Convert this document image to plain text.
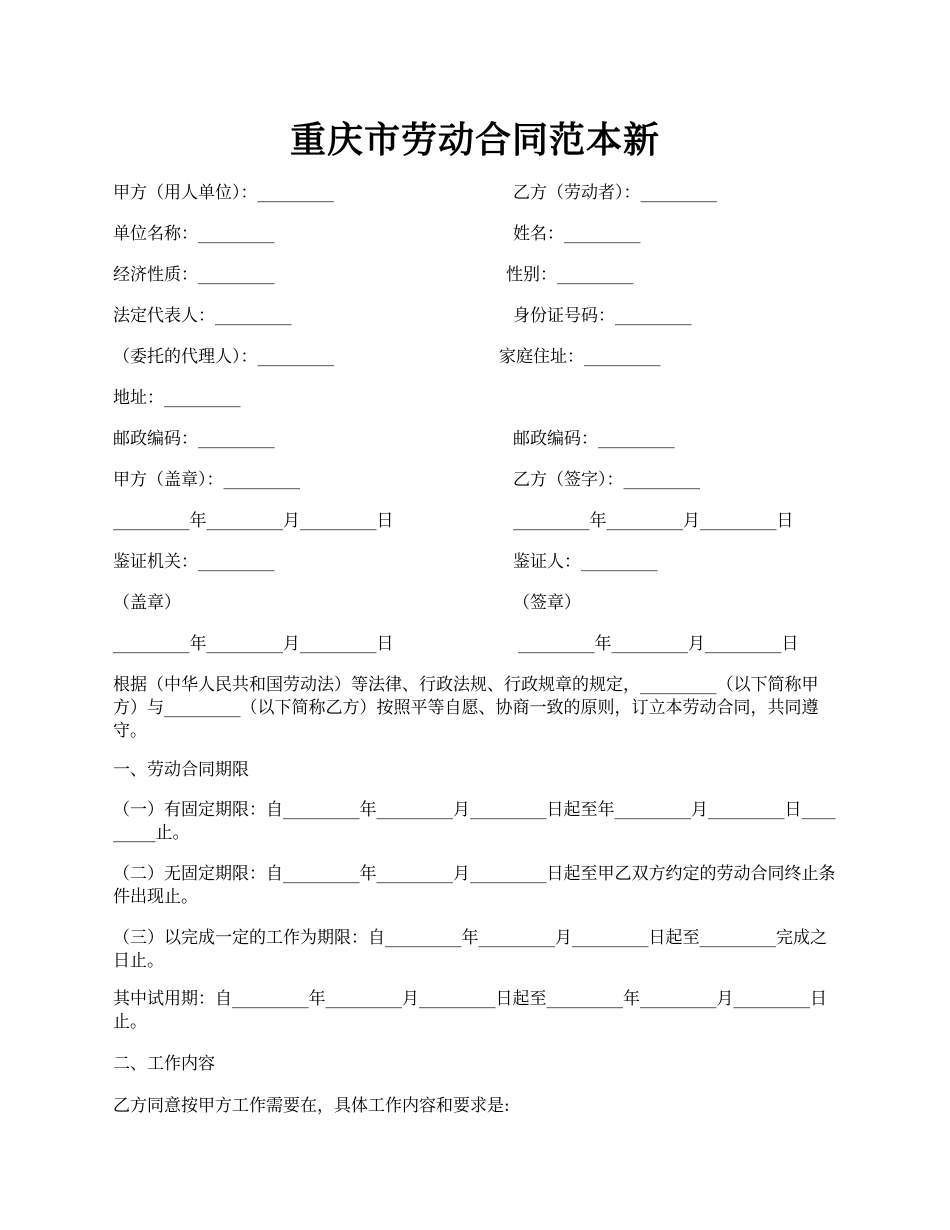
重庆市劳动合同范本新
甲方（用人单位）：_________	乙方（劳动者）：_________
单位名称：_________	姓名：_________
经济性质：_________	性别：_________
法定代表人：_________	身份证号码：_________
（委托的代理人）：_________	家庭住址：_________
地址：_________
邮政编码：_________	邮政编码：_________
甲方（盖章）：_________	乙方（签字）：_________
_________年_________月_________日	_________年_________月_________日
鉴证机关：_________	鉴证人：_________
（盖章）	（签章）
_________年_________月_________日	_________年_________月_________日

根据（中华人民共和国劳动法）等法律、行政法规、行政规章的规定，_________（以下简称甲方）与_________（以下简称乙方）按照平等自愿、协商一致的原则，订立本劳动合同，共同遵守。

一、劳动合同期限

（一）有固定期限：自_________年_________月_________日起至年_________月_________日_________止。

（二）无固定期限：自_________年_________月_________日起至甲乙双方约定的劳动合同终止条件出现止。

（三）以完成一定的工作为期限：自_________年_________月_________日起至_________完成之日止。

其中试用期：自_________年_________月_________日起至_________年_________月_________日止。

二、工作内容

乙方同意按甲方工作需要在，具体工作内容和要求是:
